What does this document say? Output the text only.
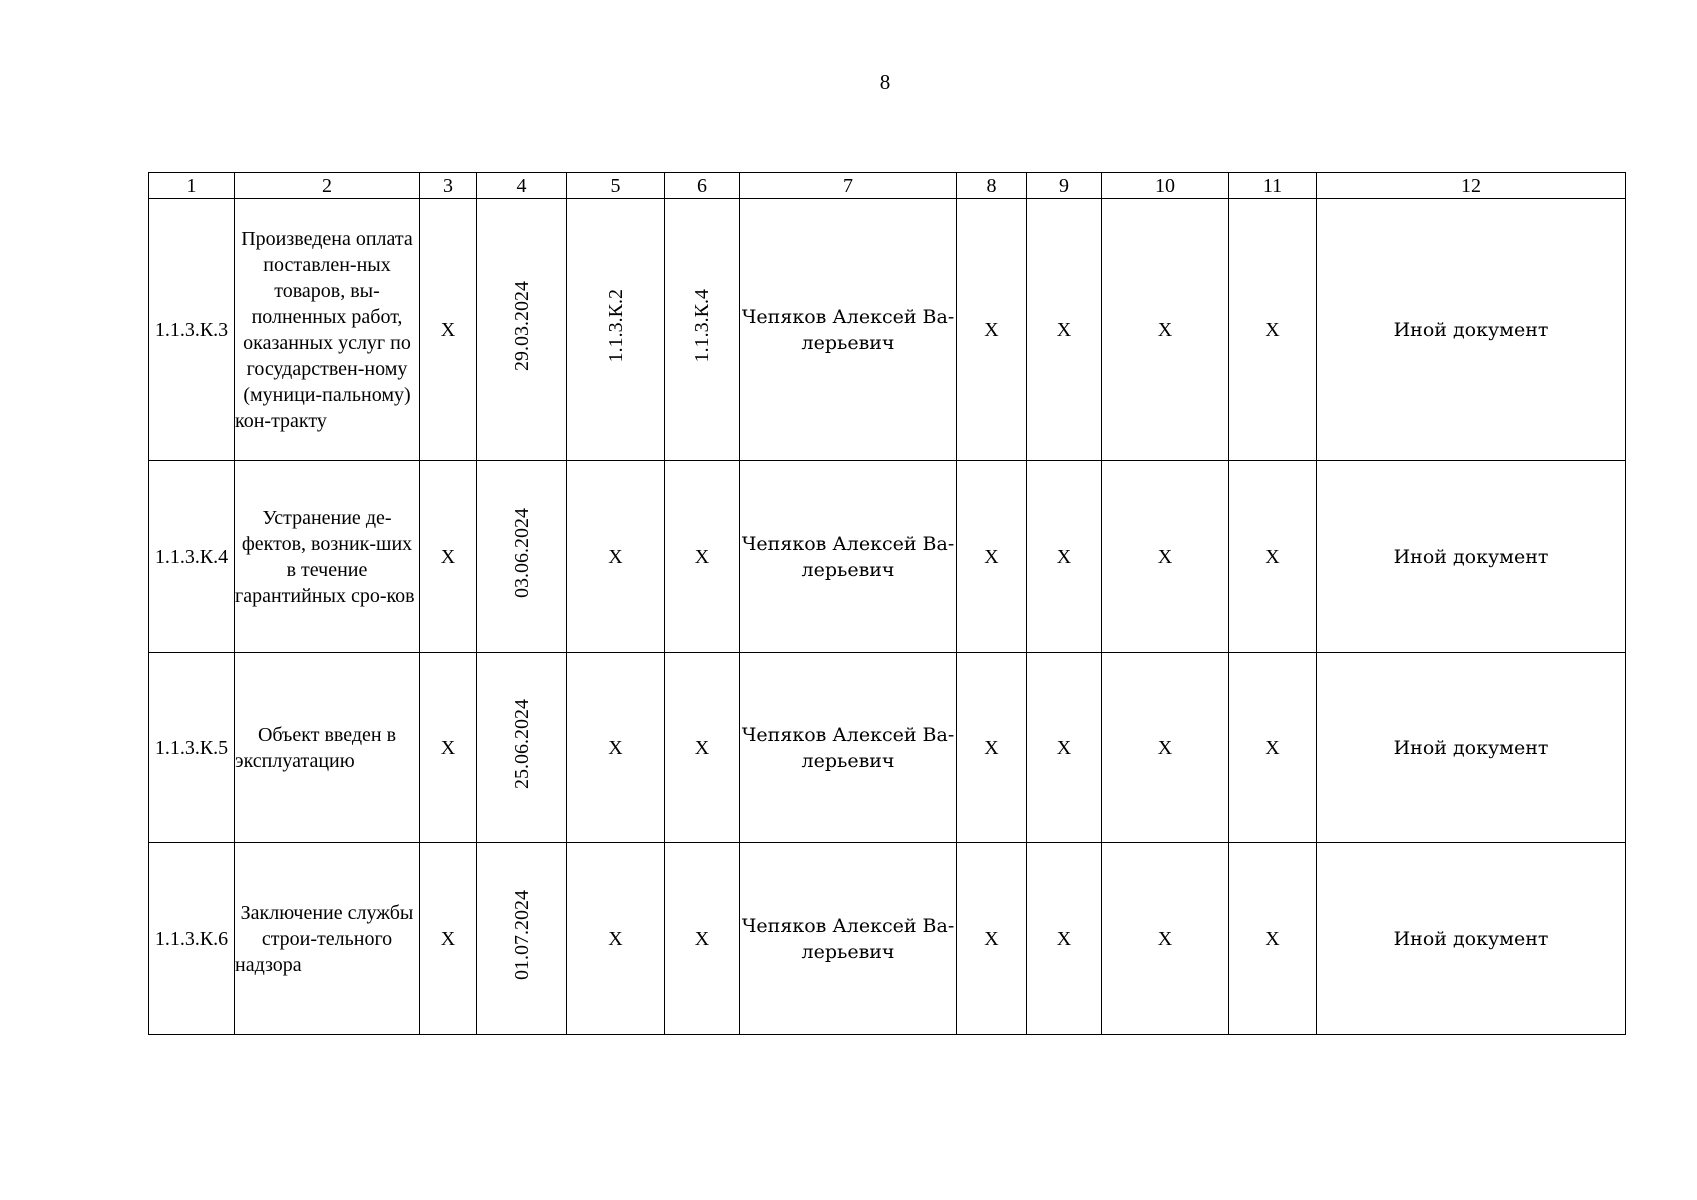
8
1	2	3	4	5	6	7	8	9	10	11	12
1.1.3.К.3	Произведена оплата поставлен-ных товаров, вы-полненных работ, оказанных услуг по государствен-ному (муници-пальному) кон-тракту	X	29.03.2024	1.1.3.К.2	1.1.3.К.4	Чепяков Алексей Ва-лерьевич	X	X	X	X	Иной документ
1.1.3.К.4	Устранение де-фектов, возник-ших в течение гарантийных сро-ков	X	03.06.2024	X	X	Чепяков Алексей Ва-лерьевич	X	X	X	X	Иной документ
1.1.3.К.5	Объект введен в эксплуатацию	X	25.06.2024	X	X	Чепяков Алексей Ва-лерьевич	X	X	X	X	Иной документ
1.1.3.К.6	Заключение службы строи-тельного надзора	X	01.07.2024	X	X	Чепяков Алексей Ва-лерьевич	X	X	X	X	Иной документ
